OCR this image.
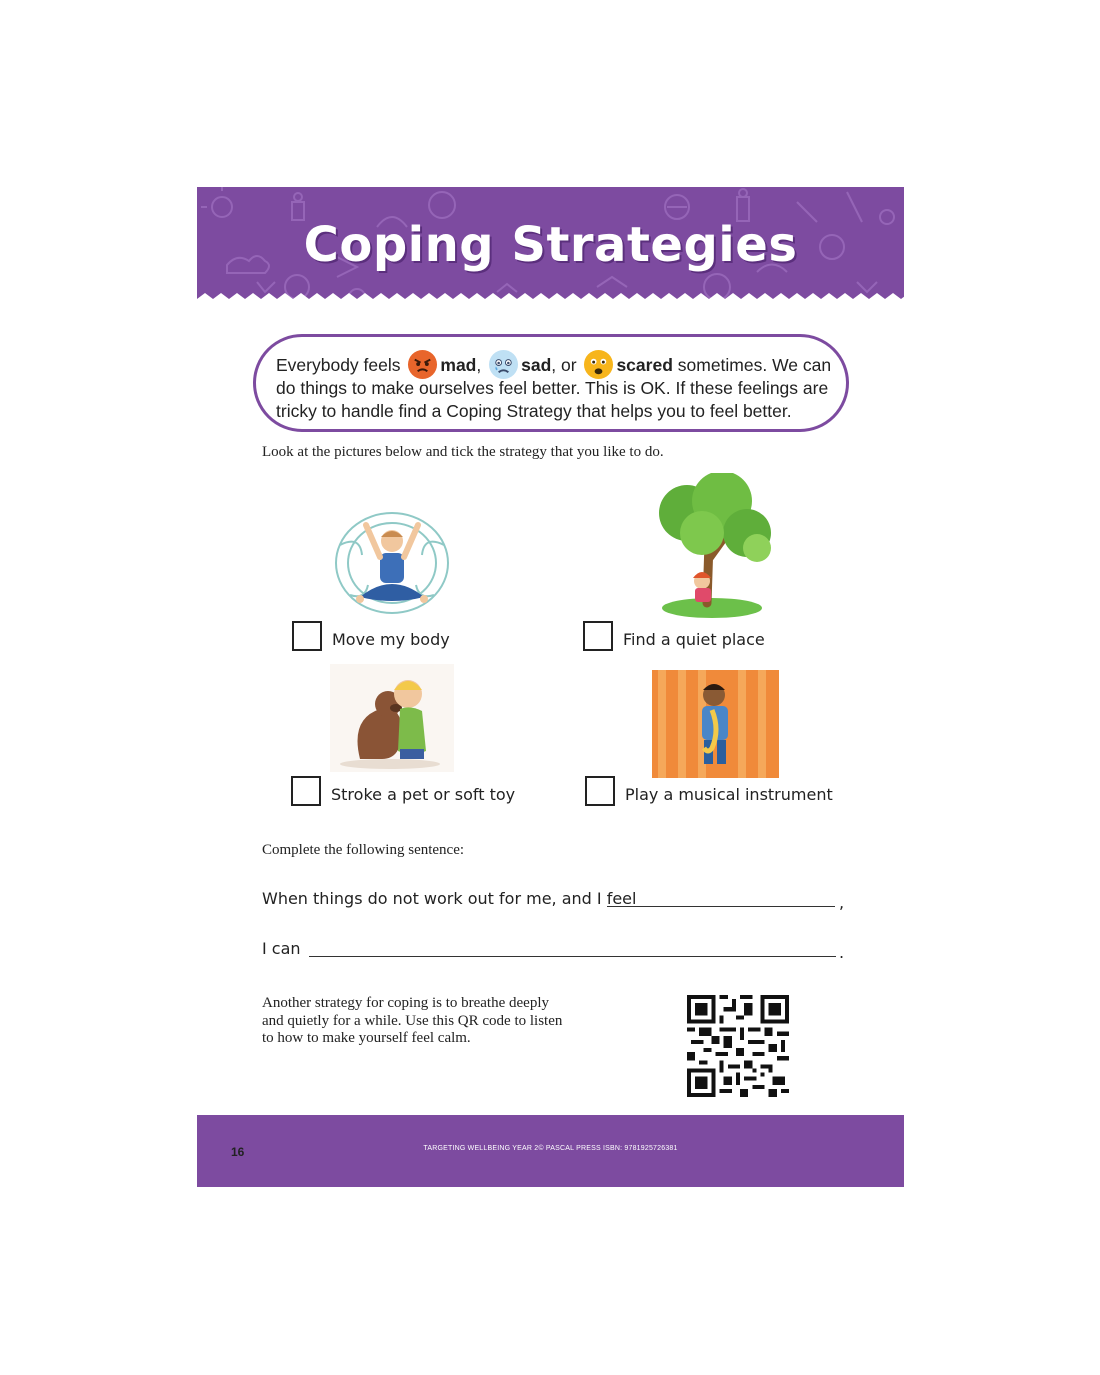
Coping Strategies
Everybody feels mad, sad, or scared sometimes. We can
do things to make ourselves feel better. This is OK. If these feelings are
tricky to handle find a Coping Strategy that helps you to feel better.
Look at the pictures below and tick the strategy that you like to do.
Move my body	Find a quiet place
Stroke a pet or soft toy	Play a musical instrument
Complete the following sentence:
When things do not work out for me, and I feel	,
I can	.
Another strategy for coping is to breathe deeply
and quietly for a while. Use this QR code to listen
to how to make yourself feel calm.
16	TARGETING WELLBEING YEAR 2© PASCAL PRESS ISBN: 9781925726381
